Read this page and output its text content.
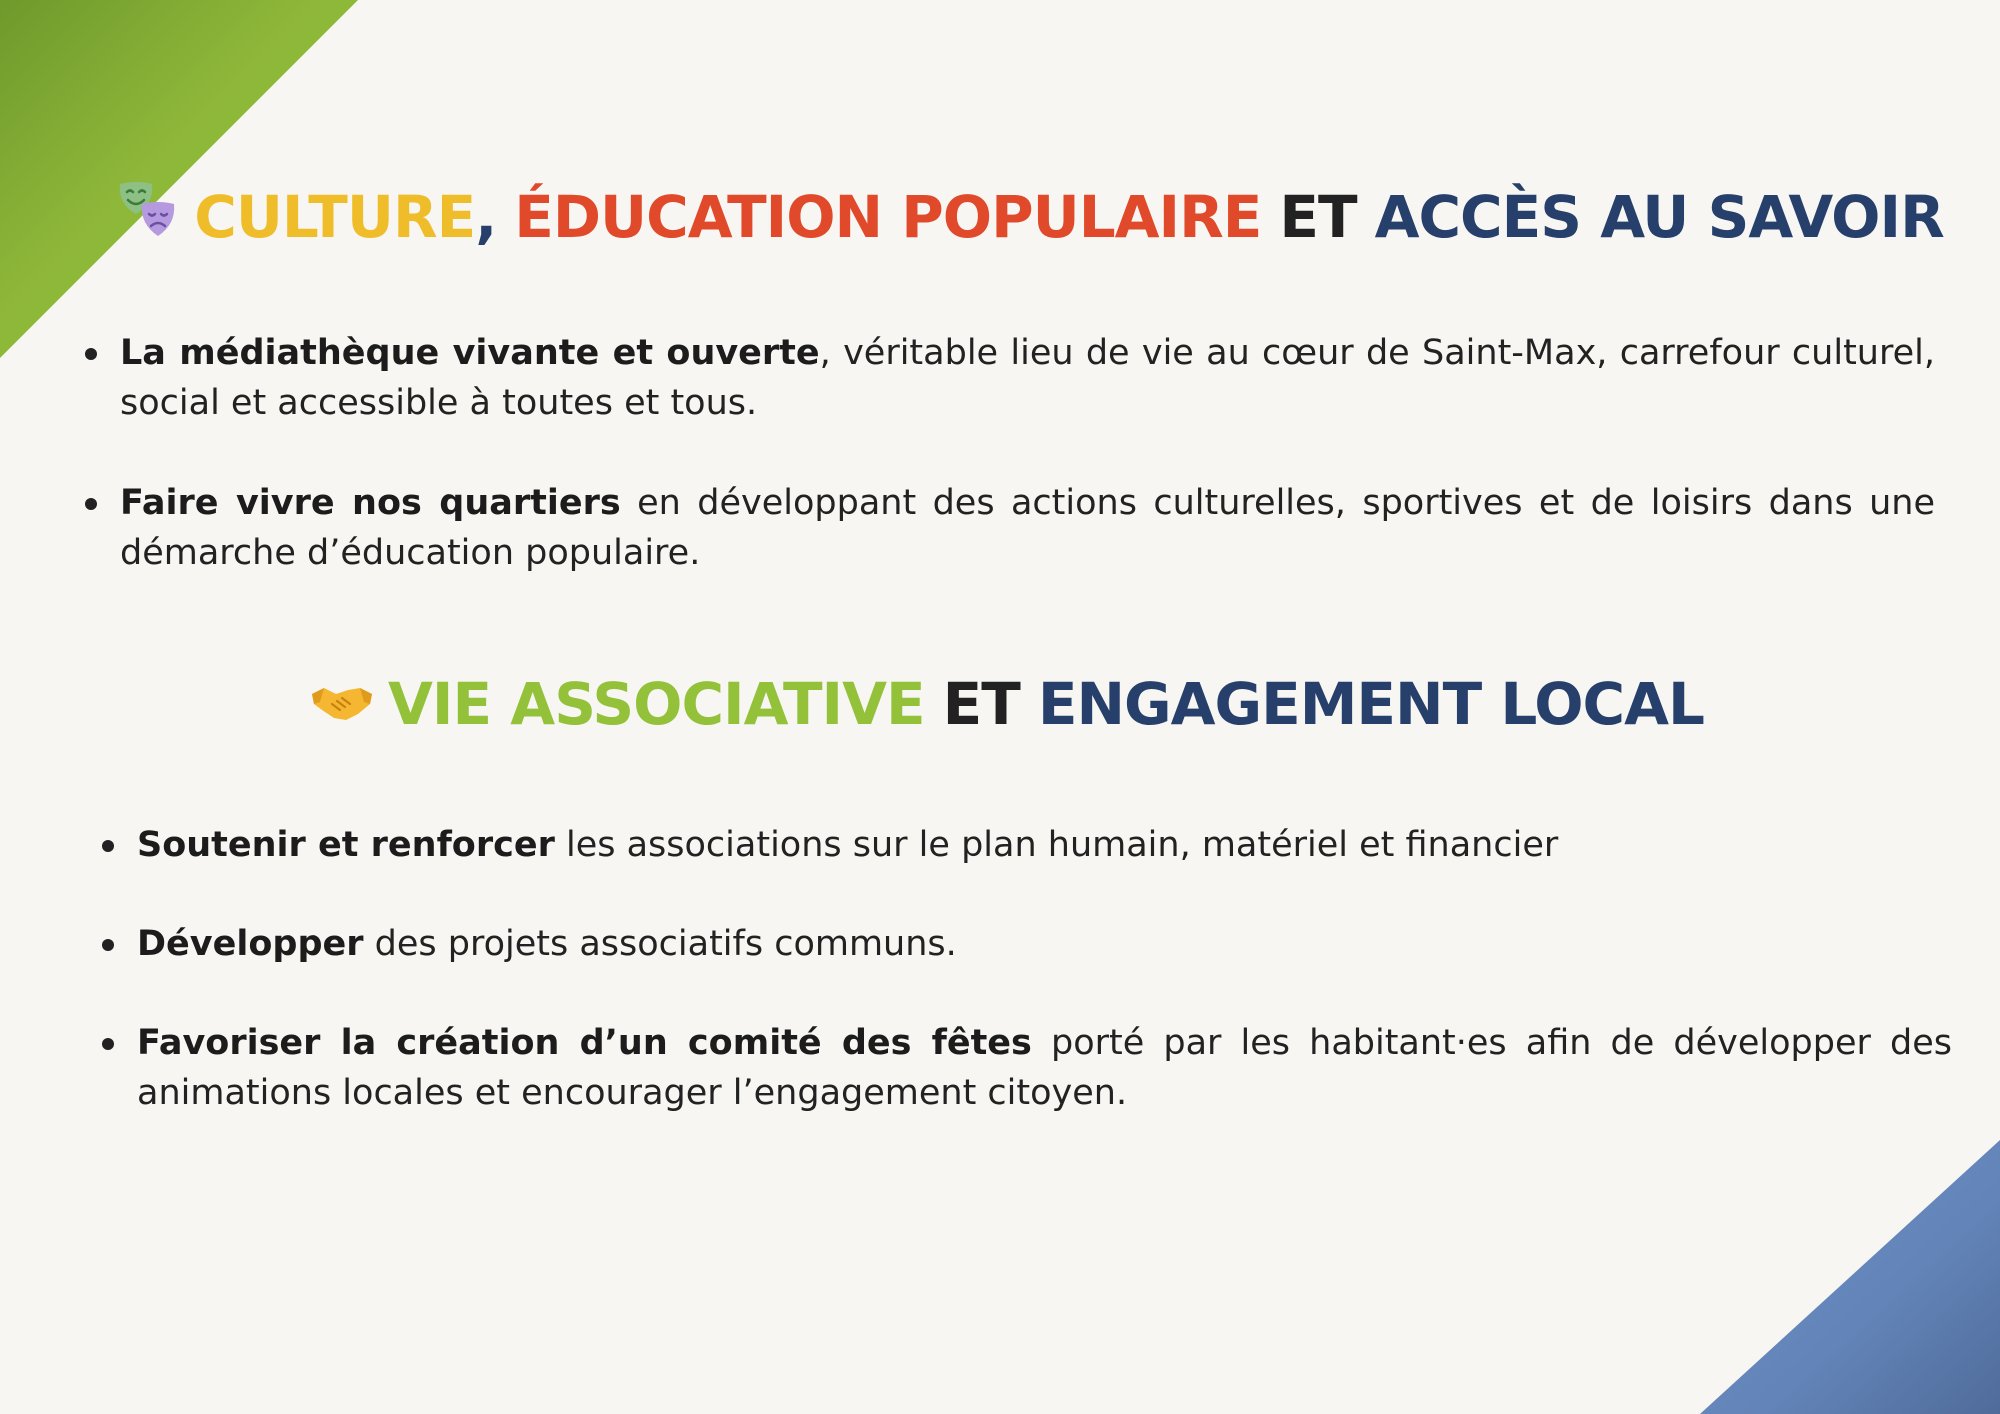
CULTURE , ÉDUCATION POPULAIRE ET ACCÈS AU SAVOIR
La médiathèque vivante et ouverte, véritable lieu de vie au cœur de Saint-Max, carrefour culturel, social et accessible à toutes et tous.
Faire vivre nos quartiers en développant des actions culturelles, sportives et de loisirs dans une démarche d’éducation populaire.
VIE ASSOCIATIVE ET ENGAGEMENT LOCAL
Soutenir et renforcer les associations sur le plan humain, matériel et financier
Développer des projets associatifs communs.
Favoriser la création d’un comité des fêtes porté par les habitant·es afin de développer des animations locales et encourager l’engagement citoyen.
